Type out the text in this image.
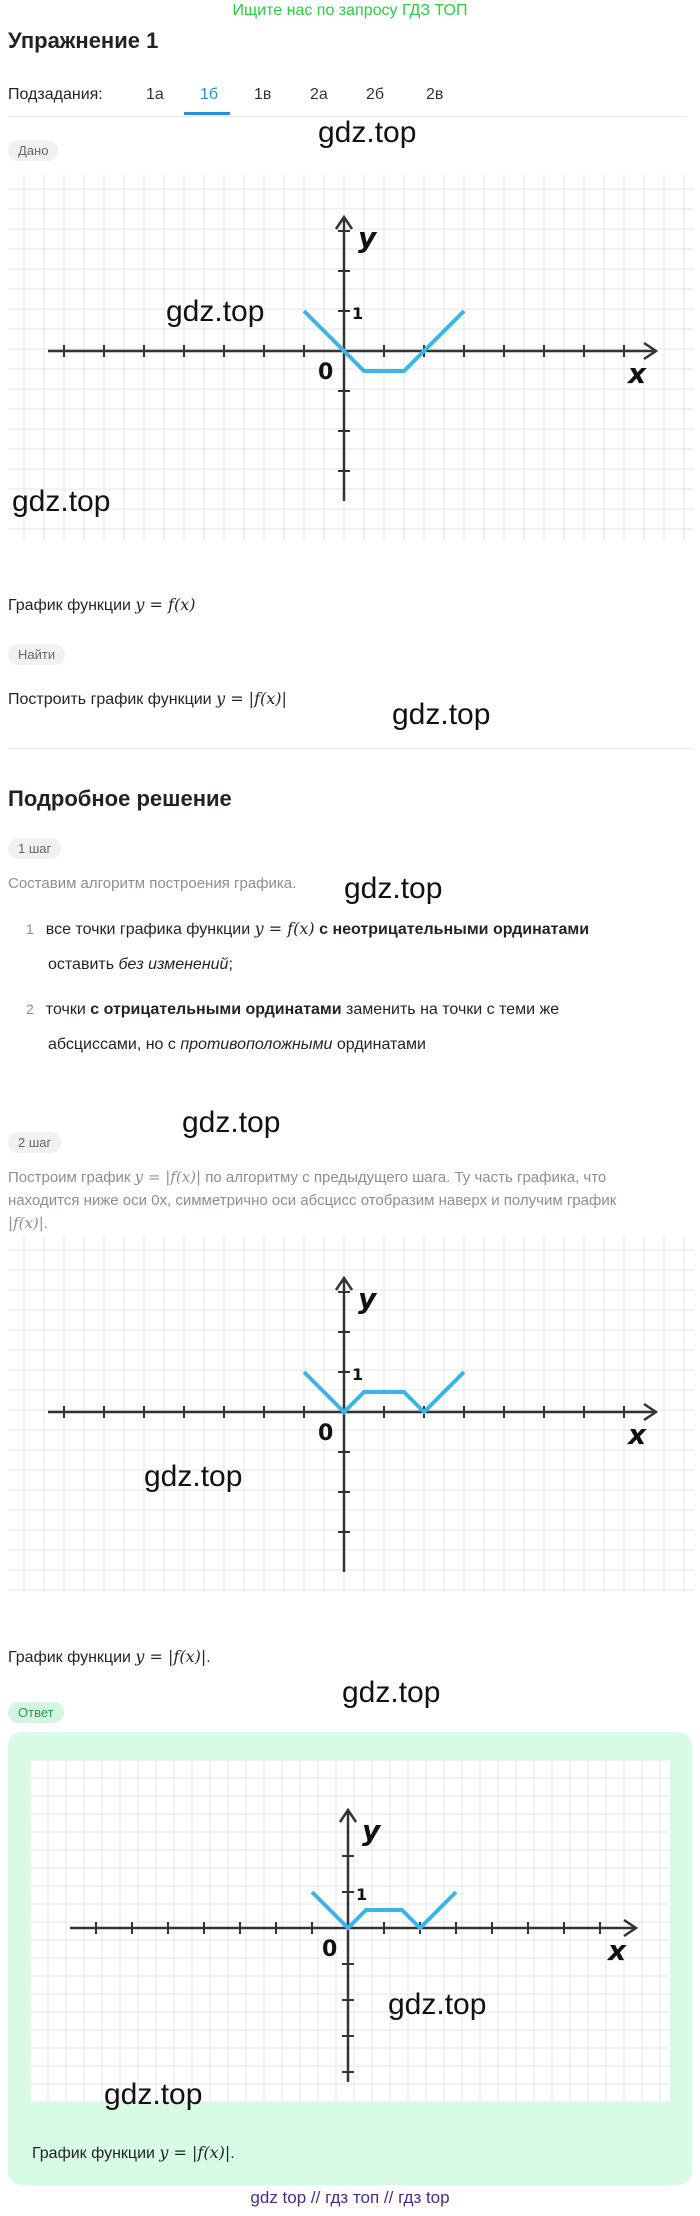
Ищите нас по запросу ГДЗ ТОП
Упражнение 1
Подзадания:	1а 1б 1в 2а 2б	2в
Дано
gdz.top
y
x
0
1
gdz.top
gdz.top
График функции y = f(x)
Найти
Построить график функции y = |f(x)|	gdz.top
Подробное решение
1 шаг
Составим алгоритм построения графика. gdz.top
1 все точки графика функции y = f(x) с неотрицательными ординатами
оставить без изменений;
2 точки с отрицательными ординатами заменить на точки с теми же
абсциссами, но с противоположными ординатами
2 шаг
gdz.top
Построим график y = |f(x)| по алгоритму с предыдущего шага. Ту часть графика, что
находится ниже оси 0х, симметрично оси абсцисс отобразим наверх и получим график
|f(x)|.
y
x
0
1
gdz.top
График функции y = |f(x)|.
gdz.top
Ответ
y
x
0
1
gdz.top
gdz.top
График функции y = |f(x)|.
gdz top // гдз топ // гдз top
